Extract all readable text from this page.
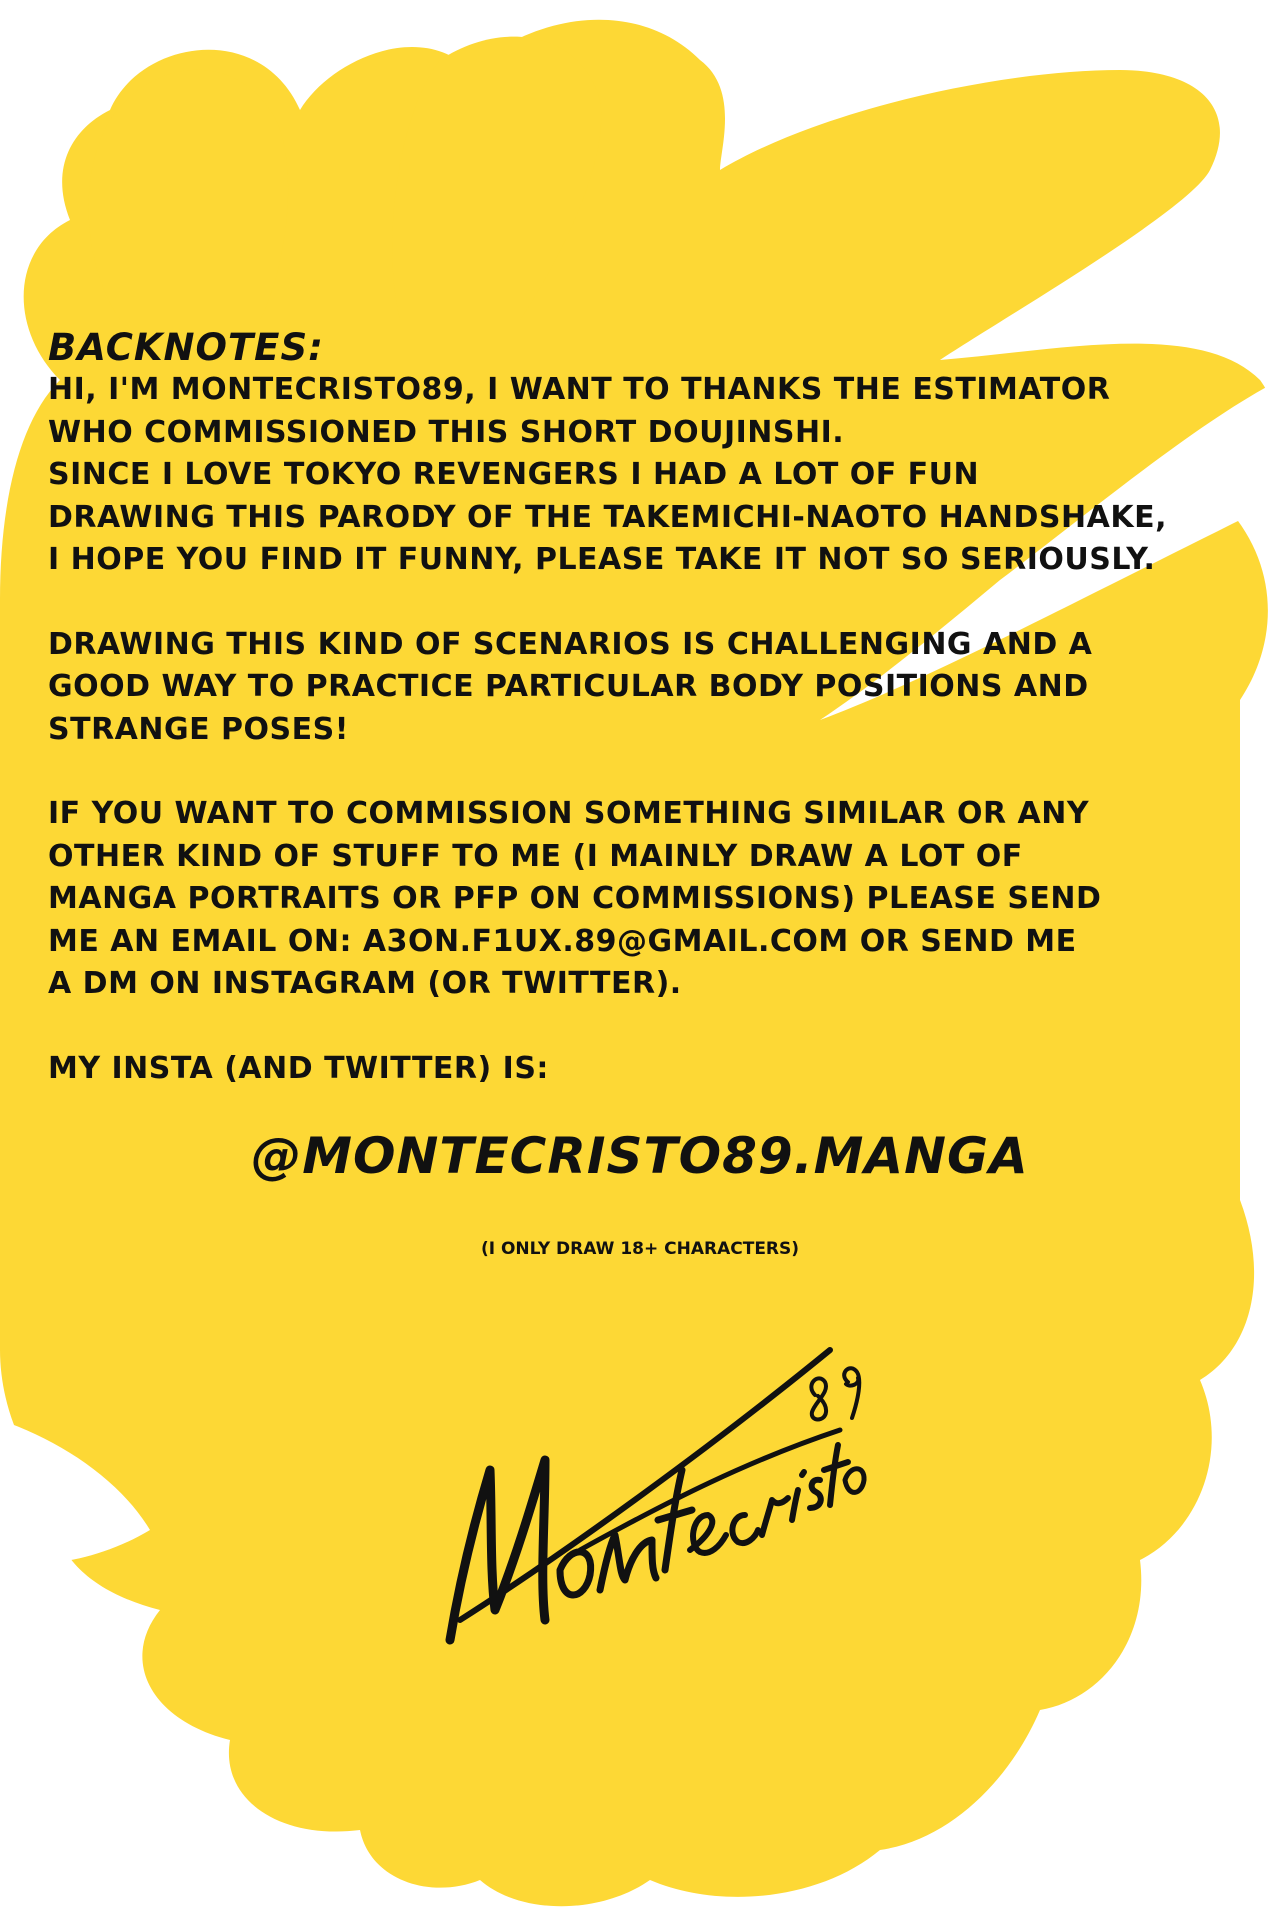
BACKNOTES:

HI, I'M MONTECRISTO89, I WANT TO THANKS THE ESTIMATOR
WHO COMMISSIONED THIS SHORT DOUJINSHI.
SINCE I LOVE TOKYO REVENGERS I HAD A LOT OF FUN
DRAWING THIS PARODY OF THE TAKEMICHI-NAOTO HANDSHAKE,
I HOPE YOU FIND IT FUNNY, PLEASE TAKE IT NOT SO SERIOUSLY.

DRAWING THIS KIND OF SCENARIOS IS CHALLENGING AND A
GOOD WAY TO PRACTICE PARTICULAR BODY POSITIONS AND
STRANGE POSES!

IF YOU WANT TO COMMISSION SOMETHING SIMILAR OR ANY
OTHER KIND OF STUFF TO ME (I MAINLY DRAW A LOT OF
MANGA PORTRAITS OR PFP ON COMMISSIONS) PLEASE SEND
ME AN EMAIL ON: A3ON.F1UX.89@GMAIL.COM OR SEND ME
A DM ON INSTAGRAM (OR TWITTER).

MY INSTA (AND TWITTER) IS:

@MONTECRISTO89.MANGA
(I ONLY DRAW 18+ CHARACTERS)
